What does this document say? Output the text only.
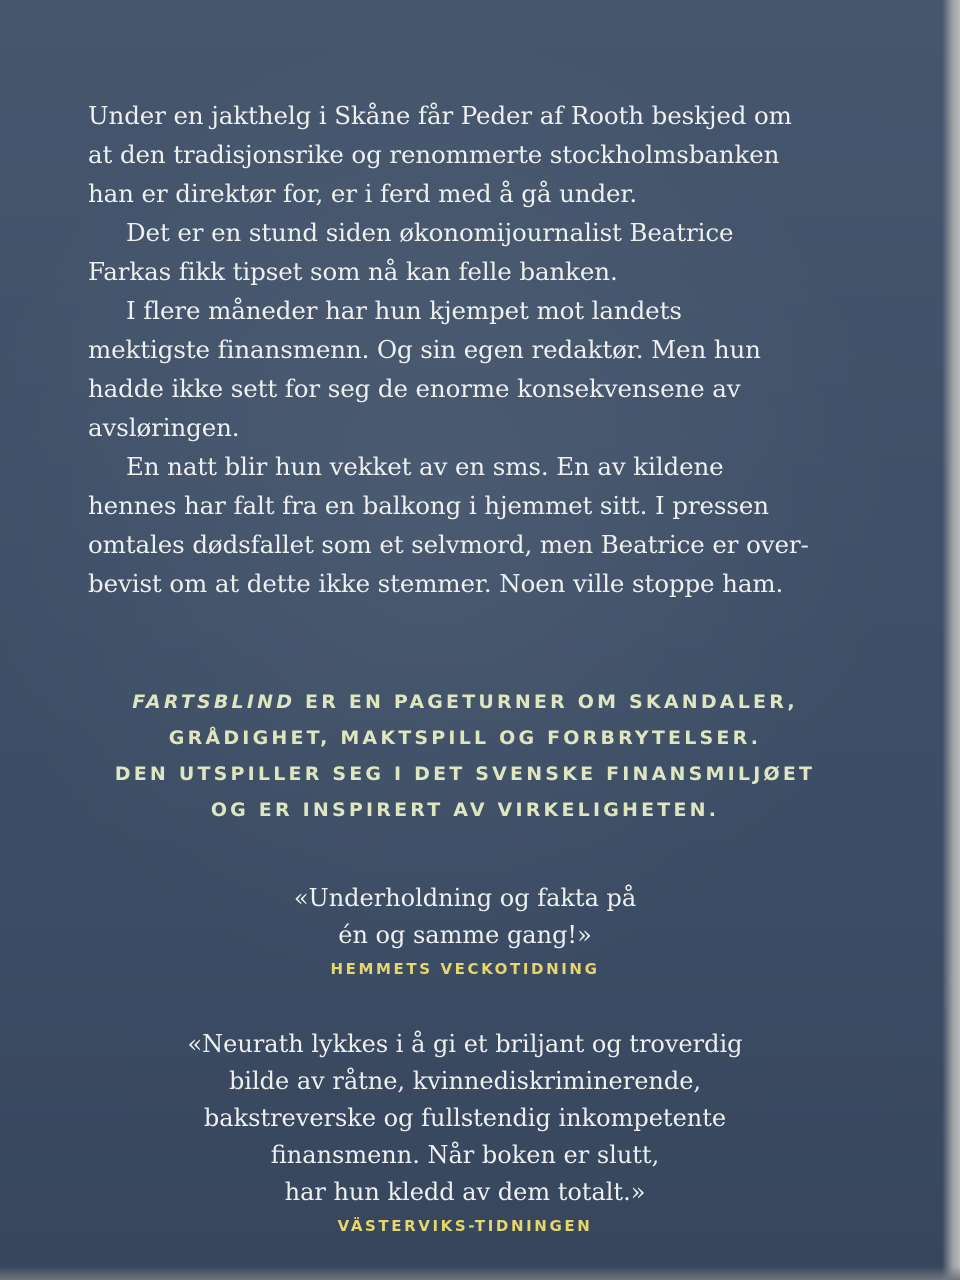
Under en jakthelg i Skåne får Peder af Rooth beskjed om
at den tradisjonsrike og renommerte stockholmsbanken
han er direktør for, er i ferd med å gå under.

Det er en stund siden økonomijournalist Beatrice
Farkas fikk tipset som nå kan felle banken.

I flere måneder har hun kjempet mot landets
mektigste finansmenn. Og sin egen redaktør. Men hun
hadde ikke sett for seg de enorme konsekvensene av
avsløringen.

En natt blir hun vekket av en sms. En av kildene
hennes har falt fra en balkong i hjemmet sitt. I pressen
omtales dødsfallet som et selvmord, men Beatrice er over-
bevist om at dette ikke stemmer. Noen ville stoppe ham.

FARTSBLIND ER EN PAGETURNER OM SKANDALER,
GRÅDIGHET, MAKTSPILL OG FORBRYTELSER.
DEN UTSPILLER SEG I DET SVENSKE FINANSMILJØET
OG ER INSPIRERT AV VIRKELIGHETEN.
«Underholdning og fakta på
én og samme gang!»
HEMMETS VECKOTIDNING
«Neurath lykkes i å gi et briljant og troverdig
bilde av råtne, kvinnediskriminerende,
bakstreverske og fullstendig inkompetente
finansmenn. Når boken er slutt,
har hun kledd av dem totalt.»
VÄSTERVIKS-TIDNINGEN
